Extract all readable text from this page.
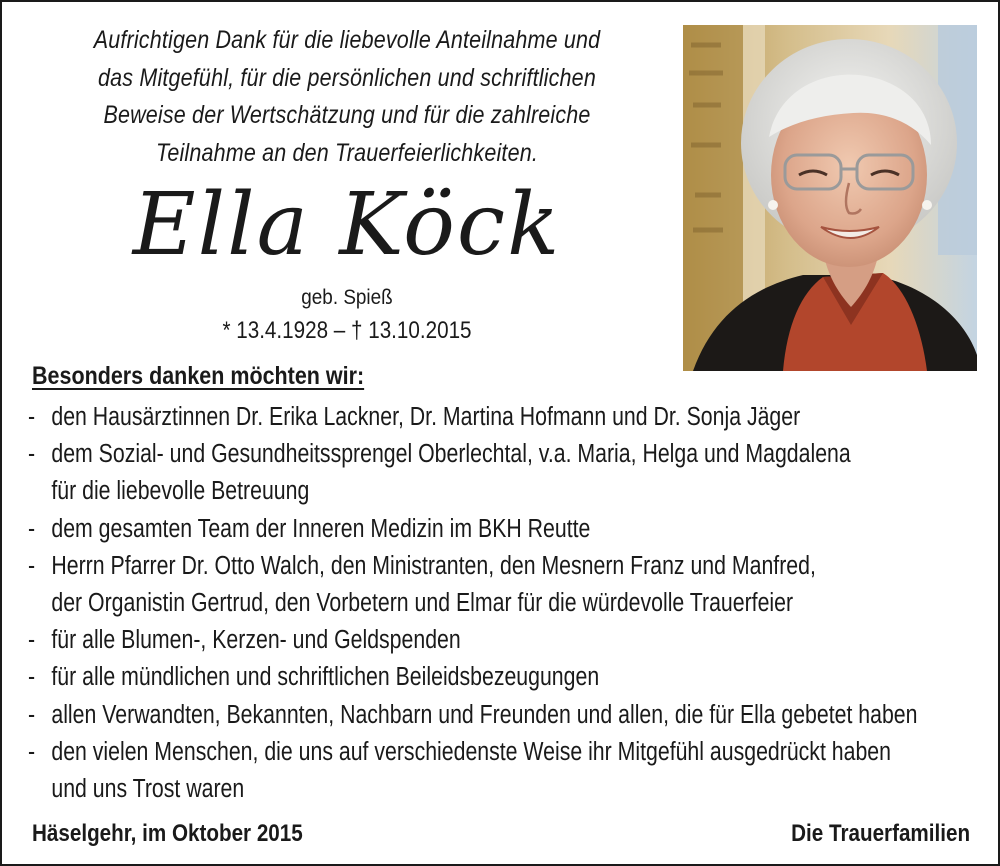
Aufrichtigen Dank für die liebevolle Anteilnahme und
das Mitgefühl, für die persönlichen und schriftlichen
Beweise der Wertschätzung und für die zahlreiche
Teilnahme an den Trauerfeierlichkeiten.
Ella Köck
geb. Spieß
* 13.4.1928 – † 13.10.2015
Besonders danken möchten wir:
- den Hausärztinnen Dr. Erika Lackner, Dr. Martina Hofmann und Dr. Sonja Jäger
- dem Sozial- und Gesundheitssprengel Oberlechtal, v.a. Maria, Helga und Magdalena
für die liebevolle Betreuung
- dem gesamten Team der Inneren Medizin im BKH Reutte
- Herrn Pfarrer Dr. Otto Walch, den Ministranten, den Mesnern Franz und Manfred,
der Organistin Gertrud, den Vorbetern und Elmar für die würdevolle Trauerfeier
- für alle Blumen-, Kerzen- und Geldspenden
- für alle mündlichen und schriftlichen Beileidsbezeugungen
- allen Verwandten, Bekannten, Nachbarn und Freunden und allen, die für Ella gebetet haben
- den vielen Menschen, die uns auf verschiedenste Weise ihr Mitgefühl ausgedrückt haben
und uns Trost waren
Häselgehr, im Oktober 2015	Die Trauerfamilien
